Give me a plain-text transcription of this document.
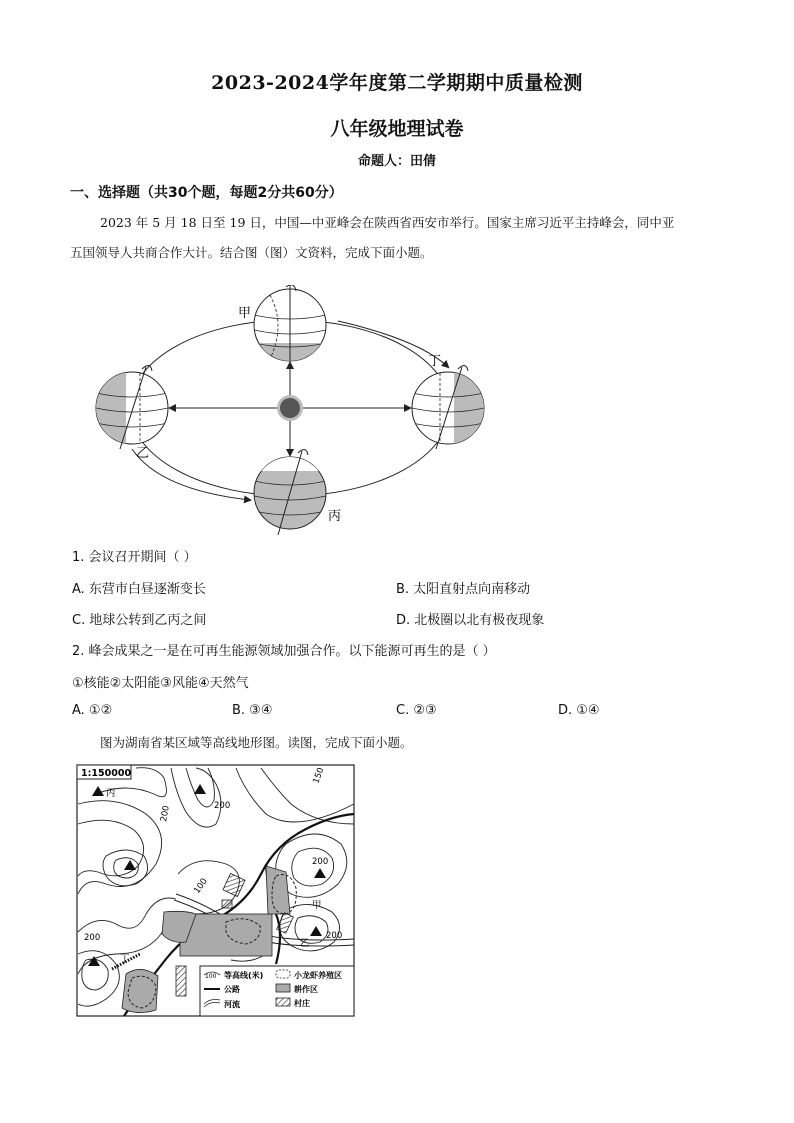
2023-2024学年度第二学期期中质量检测
八年级地理试卷
命题人：田倩
一、选择题（共30个题，每题2分共60分）
2023 年 5 月 18 日至 19 日，中国—中亚峰会在陕西省西安市举行。国家主席习近平主持峰会，同中亚
五国领导人共商合作大计。结合图（图）文资料，完成下面小题。
甲
乙
丙
丁
1. 会议召开期间（ ）
A. 东营市白昼逐渐变长	B. 太阳直射点向南移动
C. 地球公转到乙丙之间	D. 北极圈以北有极夜现象
2. 峰会成果之一是在可再生能源领域加强合作。以下能源可再生的是（ ）
①核能②太阳能③风能④天然气
A. ①②	B. ③④	C. ②③	D. ①④
图为湖南省某区域等高线地形图。读图，完成下面小题。
1:150000	150
200
200
200
200
100
200
丙
甲
乙
丁
100 等高线(米)
公路
河流
小龙虾养殖区
耕作区
村庄
